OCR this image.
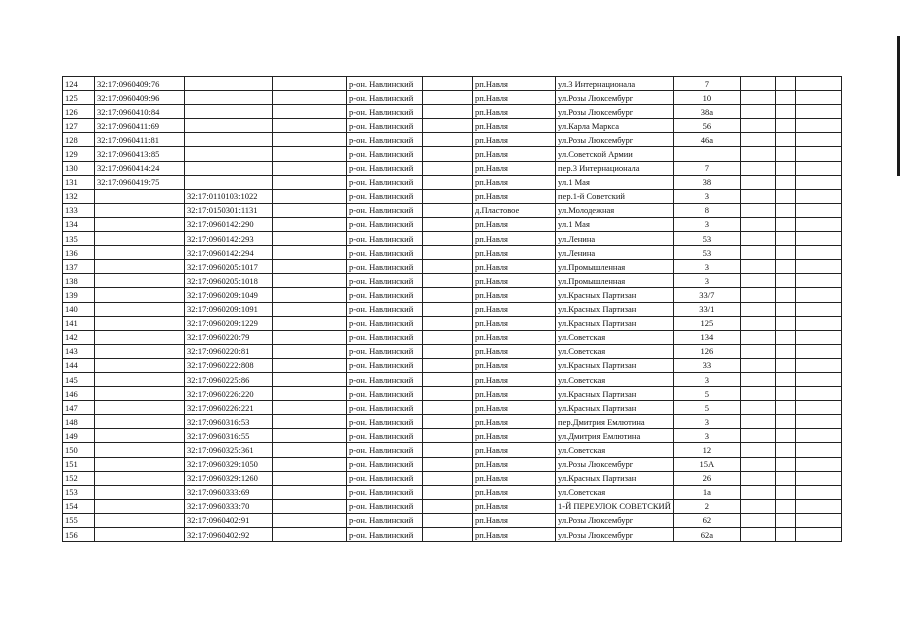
124	32:17:0960409:76			р-он. Навлинский		рп.Навля	ул.3 Интернационала	7			
125	32:17:0960409:96			р-он. Навлинский		рп.Навля	ул.Розы Люксембург	10			
126	32:17:0960410:84			р-он. Навлинский		рп.Навля	ул.Розы Люксембург	38а			
127	32:17:0960411:69			р-он. Навлинский		рп.Навля	ул.Карла Маркса	56			
128	32:17:0960411:81			р-он. Навлинский		рп.Навля	ул.Розы Люксембург	46а			
129	32:17:0960413:85			р-он. Навлинский		рп.Навля	ул.Советской Армии				
130	32:17:0960414:24			р-он. Навлинский		рп.Навля	пер.3 Интернационала	7			
131	32:17:0960419:75			р-он. Навлинский		рп.Навля	ул.1 Мая	38			
132		32:17:0110103:1022		р-он. Навлинский		рп.Навля	пер.1-й Советский	3			
133		32:17:0150301:1131		р-он. Навлинский		д.Пластовое	ул.Молодежная	8			
134		32:17:0960142:290		р-он. Навлинский		рп.Навля	ул.1 Мая	3			
135		32:17:0960142:293		р-он. Навлинский		рп.Навля	ул.Ленина	53			
136		32:17:0960142:294		р-он. Навлинский		рп.Навля	ул.Ленина	53			
137		32:17:0960205:1017		р-он. Навлинский		рп.Навля	ул.Промышленная	3			
138		32:17:0960205:1018		р-он. Навлинский		рп.Навля	ул.Промышленная	3			
139		32:17:0960209:1049		р-он. Навлинский		рп.Навля	ул.Красных Партизан	33/7			
140		32:17:0960209:1091		р-он. Навлинский		рп.Навля	ул.Красных Партизан	33/1			
141		32:17:0960209:1229		р-он. Навлинский		рп.Навля	ул.Красных Партизан	125			
142		32:17:0960220:79		р-он. Навлинский		рп.Навля	ул.Советская	134			
143		32:17:0960220:81		р-он. Навлинский		рп.Навля	ул.Советская	126			
144		32:17:0960222:808		р-он. Навлинский		рп.Навля	ул.Красных Партизан	33			
145		32:17:0960225:86		р-он. Навлинский		рп.Навля	ул.Советская	3			
146		32:17:0960226:220		р-он. Навлинский		рп.Навля	ул.Красных Партизан	5			
147		32:17:0960226:221		р-он. Навлинский		рп.Навля	ул.Красных Партизан	5			
148		32:17:0960316:53		р-он. Навлинский		рп.Навля	пер.Дмитрия Емлютина	3			
149		32:17:0960316:55		р-он. Навлинский		рп.Навля	ул.Дмитрия Емлютина	3			
150		32:17:0960325:361		р-он. Навлинский		рп.Навля	ул.Советская	12			
151		32:17:0960329:1050		р-он. Навлинский		рп.Навля	ул.Розы Люксембург	15А			
152		32:17:0960329:1260		р-он. Навлинский		рп.Навля	ул.Красных Партизан	26			
153		32:17:0960333:69		р-он. Навлинский		рп.Навля	ул.Советская	1а			
154		32:17:0960333:70		р-он. Навлинский		рп.Навля	1-Й ПЕРЕУЛОК СОВЕТСКИЙ	2			
155		32:17:0960402:91		р-он. Навлинский		рп.Навля	ул.Розы Люксембург	62			
156		32:17:0960402:92		р-он. Навлинский		рп.Навля	ул.Розы Люксембург	62а			
